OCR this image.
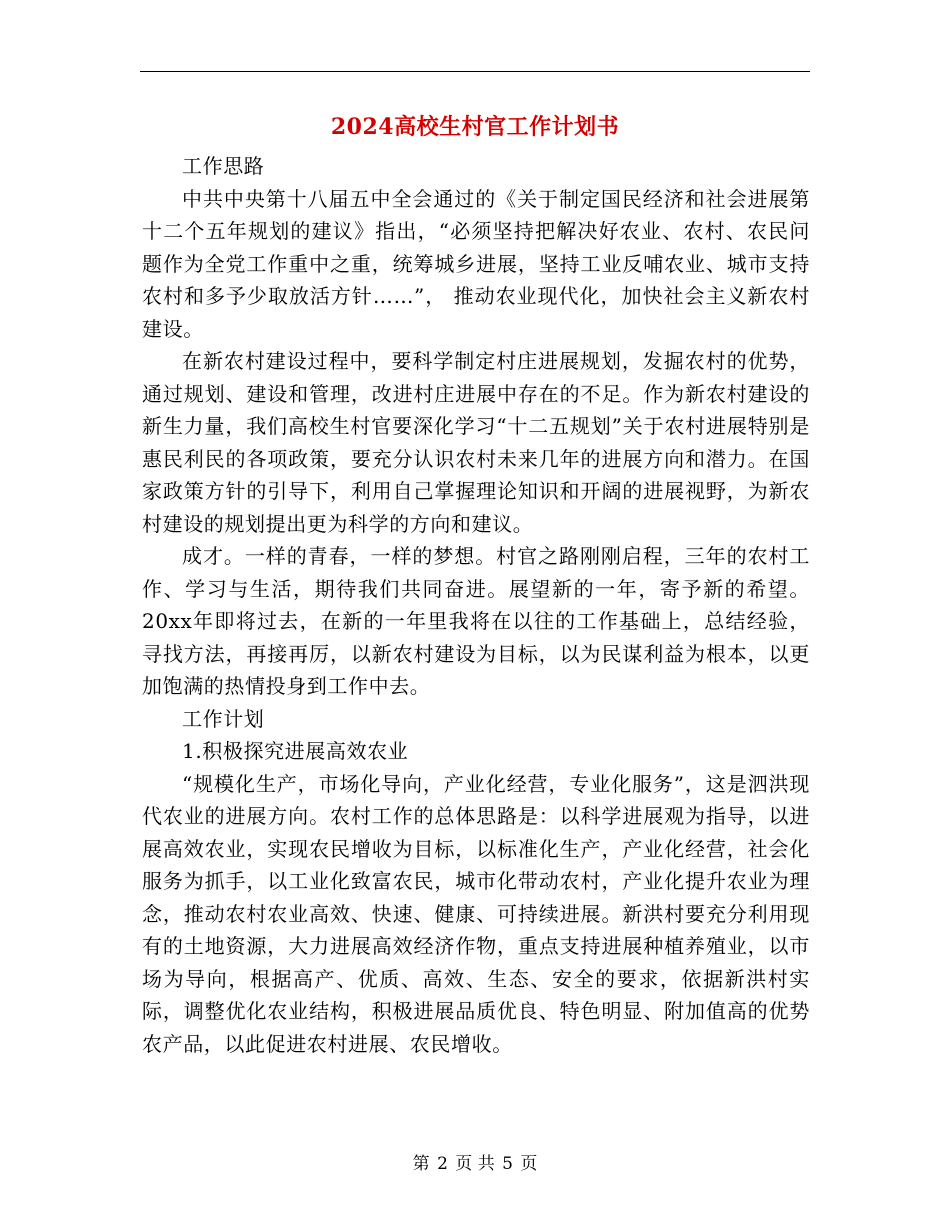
2024高校生村官工作计划书

工作思路

中共中央第十八届五中全会通过的《关于制定国民经济和社会进展第十二个五年规划的建议》指出，“必须坚持把解决好农业、农村、农民问题作为全党工作重中之重，统筹城乡进展，坚持工业反哺农业、城市支持农村和多予少取放活方针……”， 推动农业现代化，加快社会主义新农村建设。

在新农村建设过程中，要科学制定村庄进展规划，发掘农村的优势，通过规划、建设和管理，改进村庄进展中存在的不足。作为新农村建设的新生力量，我们高校生村官要深化学习“十二五规划”关于农村进展特别是惠民利民的各项政策，要充分认识农村未来几年的进展方向和潜力。在国家政策方针的引导下，利用自己掌握理论知识和开阔的进展视野，为新农村建设的规划提出更为科学的方向和建议。

成才。一样的青春，一样的梦想。村官之路刚刚启程，三年的农村工作、学习与生活，期待我们共同奋进。展望新的一年，寄予新的希望。20xx年即将过去，在新的一年里我将在以往的工作基础上，总结经验，寻找方法，再接再厉，以新农村建设为目标，以为民谋利益为根本，以更加饱满的热情投身到工作中去。

工作计划

1.积极探究进展高效农业

“规模化生产，市场化导向，产业化经营，专业化服务”，这是泗洪现代农业的进展方向。农村工作的总体思路是：以科学进展观为指导，以进展高效农业，实现农民增收为目标，以标准化生产，产业化经营，社会化服务为抓手，以工业化致富农民，城市化带动农村，产业化提升农业为理念，推动农村农业高效、快速、健康、可持续进展。新洪村要充分利用现有的土地资源，大力进展高效经济作物，重点支持进展种植养殖业，以市场为导向，根据高产、优质、高效、生态、安全的要求，依据新洪村实际，调整优化农业结构，积极进展品质优良、特色明显、附加值高的优势农产品，以此促进农村进展、农民增收。

第 2 页 共 5 页
